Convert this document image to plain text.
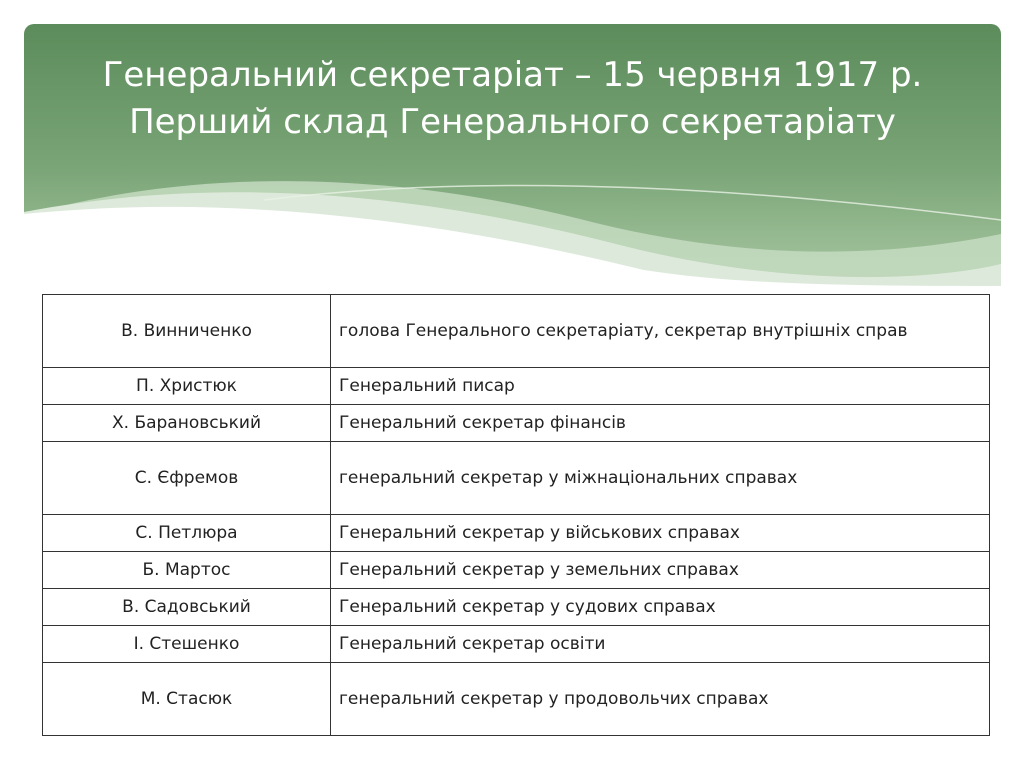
Генеральний секретаріат – 15 червня 1917 р.
Перший склад Генерального секретаріату
В. Винниченко	голова Генерального секретаріату, секретар внутрішніх справ
П. Христюк	Генеральний писар
Х. Барановський	Генеральний секретар фінансів
С. Єфремов	генеральний секретар у міжнаціональних справах
С. Петлюра	Генеральний секретар у військових справах
Б. Мартос	Генеральний секретар у земельних справах
В. Садовський	Генеральний секретар у судових справах
І. Стешенко	Генеральний секретар освіти
М. Стасюк	генеральний секретар у продовольчих справах
